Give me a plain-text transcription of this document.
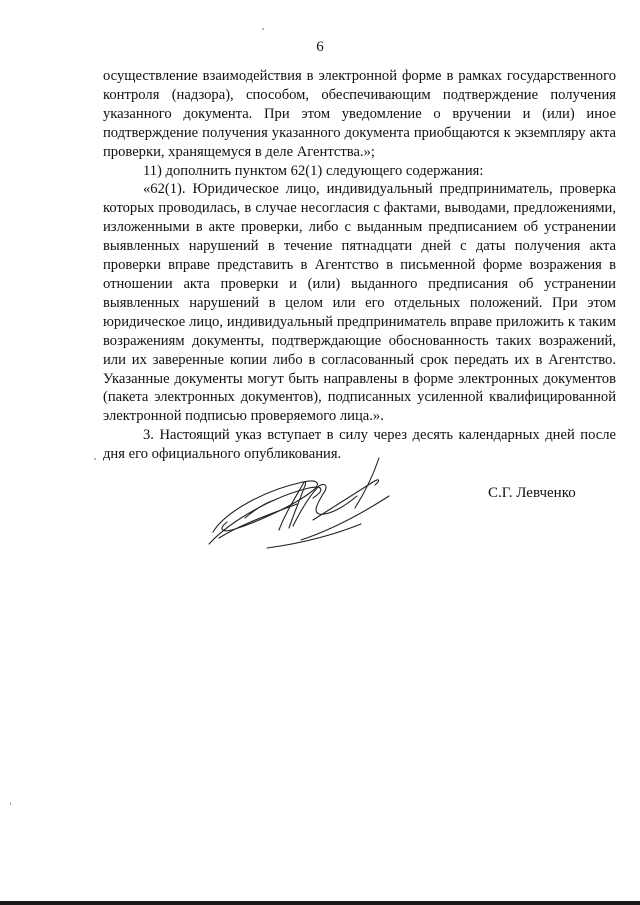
6

осуществление взаимодействия в электронной форме в рамках государственного контроля (надзора), способом, обеспечивающим подтверждение получения указанного документа. При этом уведомление о вручении и (или) иное подтверждение получения указанного документа приобщаются к экземпляру акта проверки, хранящемуся в деле Агентства.»;

11) дополнить пунктом 62(1) следующего содержания:

«62(1). Юридическое лицо, индивидуальный предприниматель, проверка которых проводилась, в случае несогласия с фактами, выводами, предложениями, изложенными в акте проверки, либо с выданным предписанием об устранении выявленных нарушений в течение пятнадцати дней с даты получения акта проверки вправе представить в Агентство в письменной форме возражения в отношении акта проверки и (или) выданного предписания об устранении выявленных нарушений в целом или его отдельных положений. При этом юридическое лицо, индивидуальный предприниматель вправе приложить к таким возражениям документы, подтверждающие обоснованность таких возражений, или их заверенные копии либо в согласованный срок передать их в Агентство. Указанные документы могут быть направлены в форме электронных документов (пакета электронных документов), подписанных усиленной квалифицированной электронной подписью проверяемого лица.».

3. Настоящий указ вступает в силу через десять календарных дней после дня его официального опубликования.

С.Г. Левченко
